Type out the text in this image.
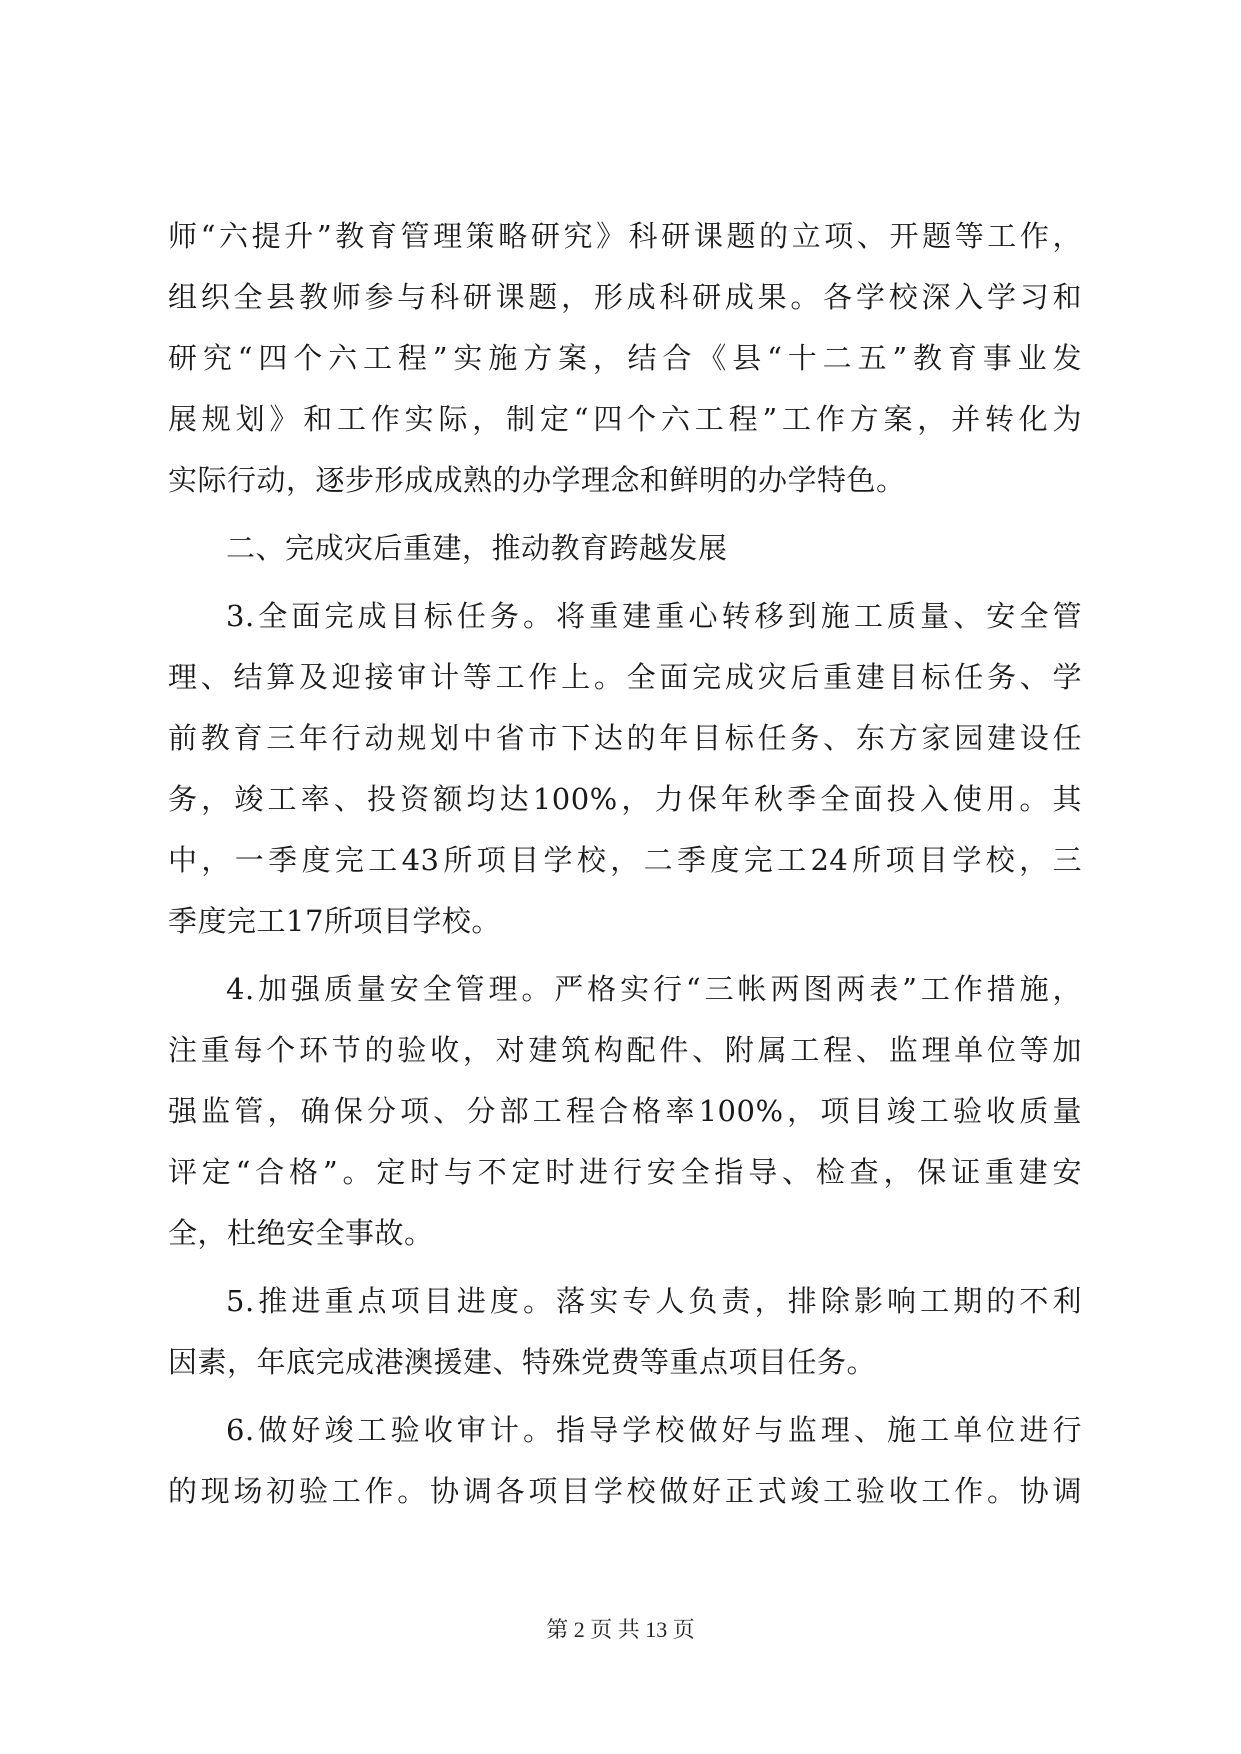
师“六提升”教育管理策略研究》科研课题的立项、开题等工作，
组织全县教师参与科研课题，形成科研成果。各学校深入学习和
研究“四个六工程”实施方案，结合《县“十二五”教育事业发
展规划》和工作实际，制定“四个六工程”工作方案，并转化为
实际行动，逐步形成成熟的办学理念和鲜明的办学特色。
二、完成灾后重建，推动教育跨越发展
3.全面完成目标任务。将重建重心转移到施工质量、安全管
理、结算及迎接审计等工作上。全面完成灾后重建目标任务、学
前教育三年行动规划中省市下达的年目标任务、东方家园建设任
务，竣工率、投资额均达100%，力保年秋季全面投入使用。其
中，一季度完工43所项目学校，二季度完工24所项目学校，三
季度完工17所项目学校。
4.加强质量安全管理。严格实行“三帐两图两表”工作措施，
注重每个环节的验收，对建筑构配件、附属工程、监理单位等加
强监管，确保分项、分部工程合格率100%，项目竣工验收质量
评定“合格”。定时与不定时进行安全指导、检查，保证重建安
全，杜绝安全事故。
5.推进重点项目进度。落实专人负责，排除影响工期的不利
因素，年底完成港澳援建、特殊党费等重点项目任务。
6.做好竣工验收审计。指导学校做好与监理、施工单位进行
的现场初验工作。协调各项目学校做好正式竣工验收工作。协调
第 2 页 共 13 页
